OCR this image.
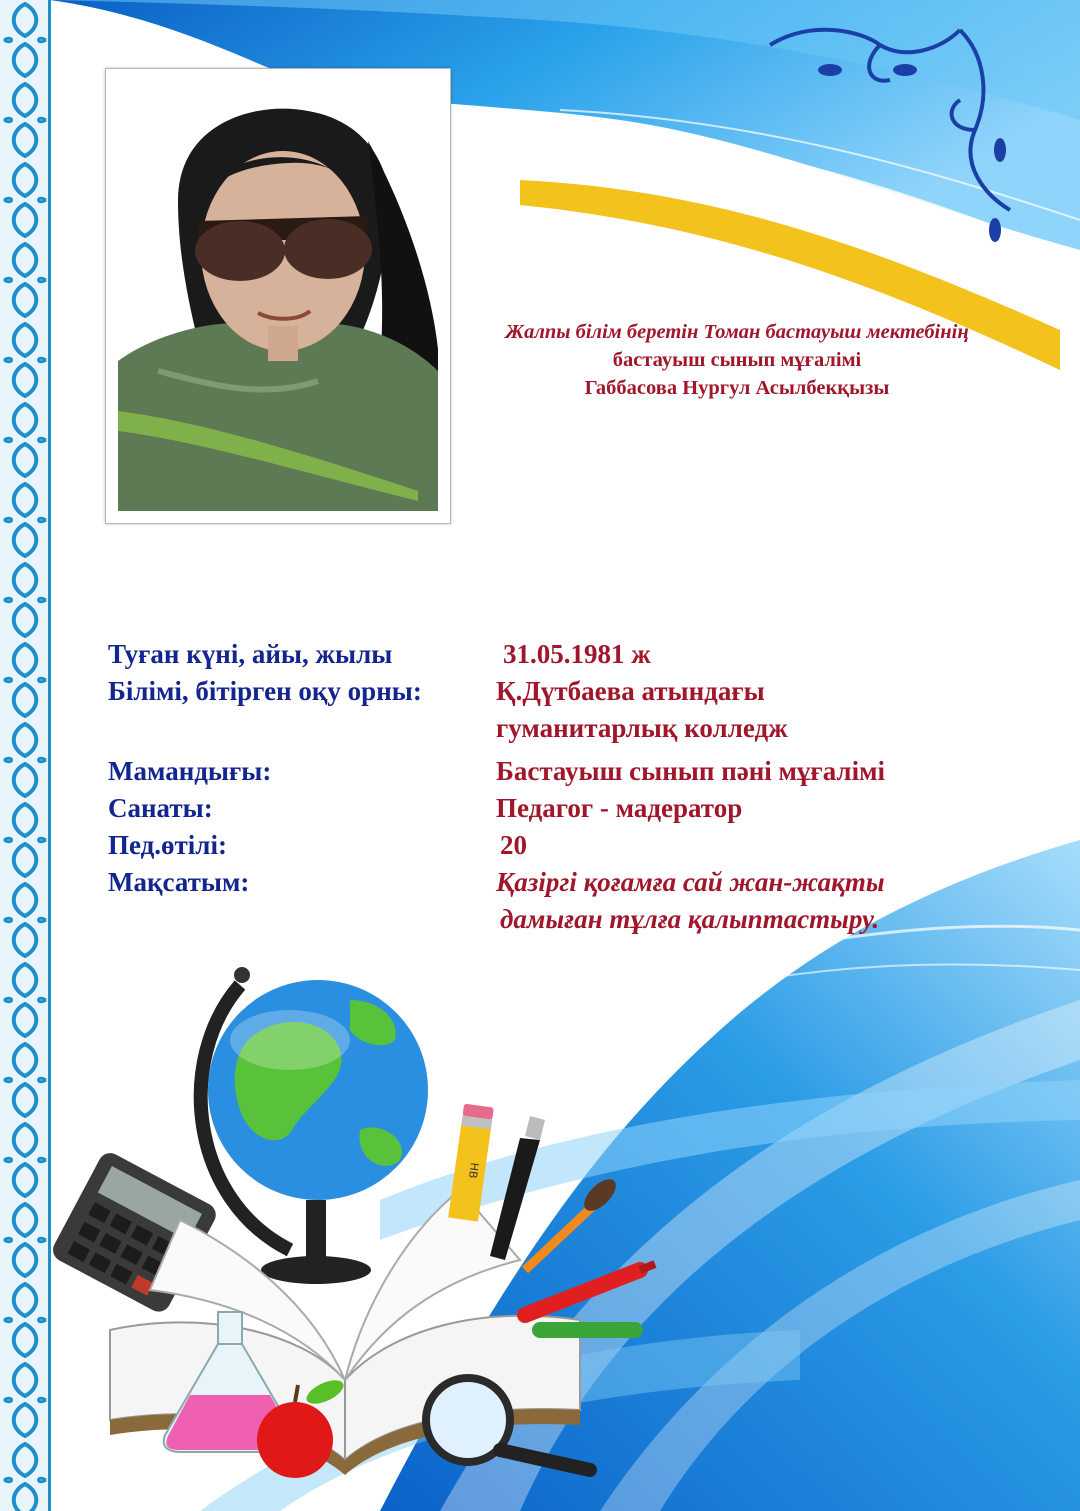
НВ
Жалпы білім беретін Томан бастауыш мектебінің
бастауыш сынып мұғалімі
Габбасова Нургул Асылбекқызы
Туған күні, айы, жылы	31.05.1981 ж
Білімі, бітірген оқу орны:	Қ.Дүтбаева атындағы
гуманитарлық колледж
Мамандығы:	Бастауыш сынып пәні мұғалімі
Санаты:	Педагог - мадератор
Пед.өтілі:	20
Мақсатым:	Қазіргі қоғамға сай жан-жақты
дамыған тұлға қалыптастыру.
